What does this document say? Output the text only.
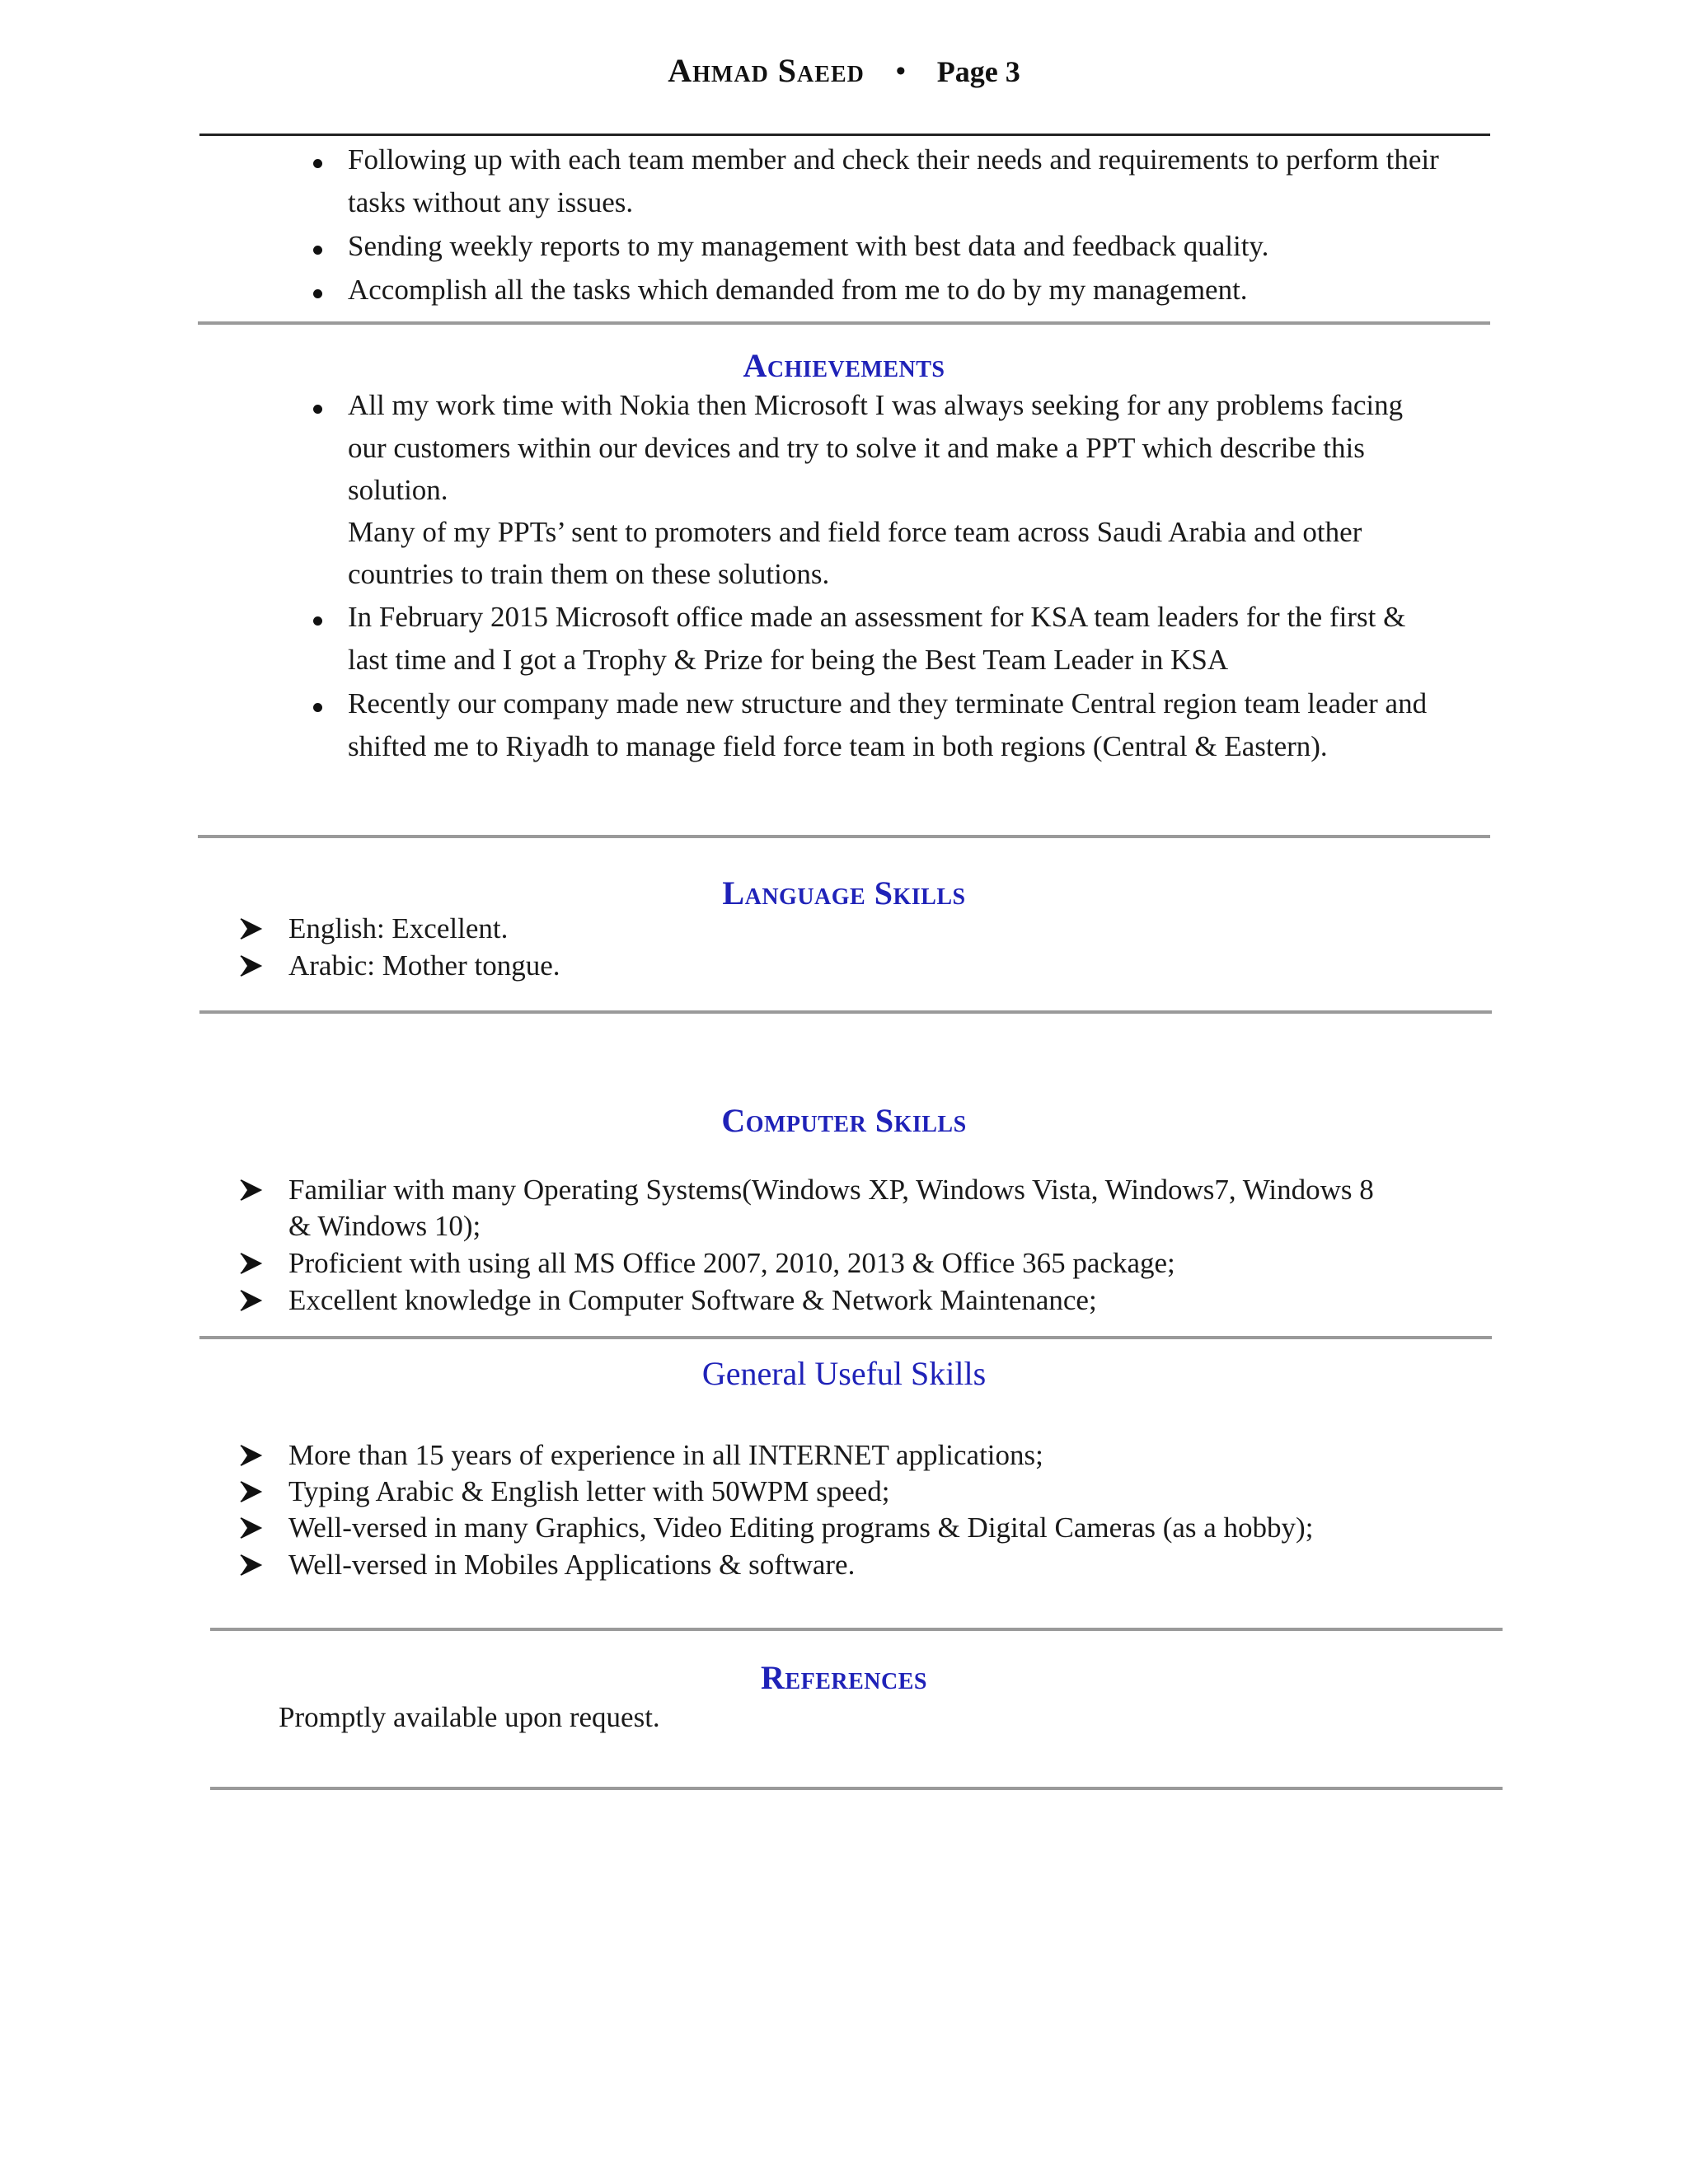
Ahmad Saeed • Page 3
Following up with each team member and check their needs and requirements to perform their
tasks without any issues.
Sending weekly reports to my management with best data and feedback quality.
Accomplish all the tasks which demanded from me to do by my management.
Achievements
All my work time with Nokia then Microsoft I was always seeking for any problems facing
our customers within our devices and try to solve it and make a PPT which describe this
solution.
Many of my PPTs’ sent to promoters and field force team across Saudi Arabia and other
countries to train them on these solutions.
In February 2015 Microsoft office made an assessment for KSA team leaders for the first &
last time and I got a Trophy & Prize for being the Best Team Leader in KSA
Recently our company made new structure and they terminate Central region team leader and
shifted me to Riyadh to manage field force team in both regions (Central & Eastern).
Language Skills
English: Excellent.
Arabic: Mother tongue.
Computer Skills
Familiar with many Operating Systems(Windows XP, Windows Vista, Windows7, Windows 8
& Windows 10);
Proficient with using all MS Office 2007, 2010, 2013 & Office 365 package;
Excellent knowledge in Computer Software & Network Maintenance;
General Useful Skills
More than 15 years of experience in all INTERNET applications;
Typing Arabic & English letter with 50WPM speed;
Well-versed in many Graphics, Video Editing programs & Digital Cameras (as a hobby);
Well-versed in Mobiles Applications & software.
References
Promptly available upon request.
